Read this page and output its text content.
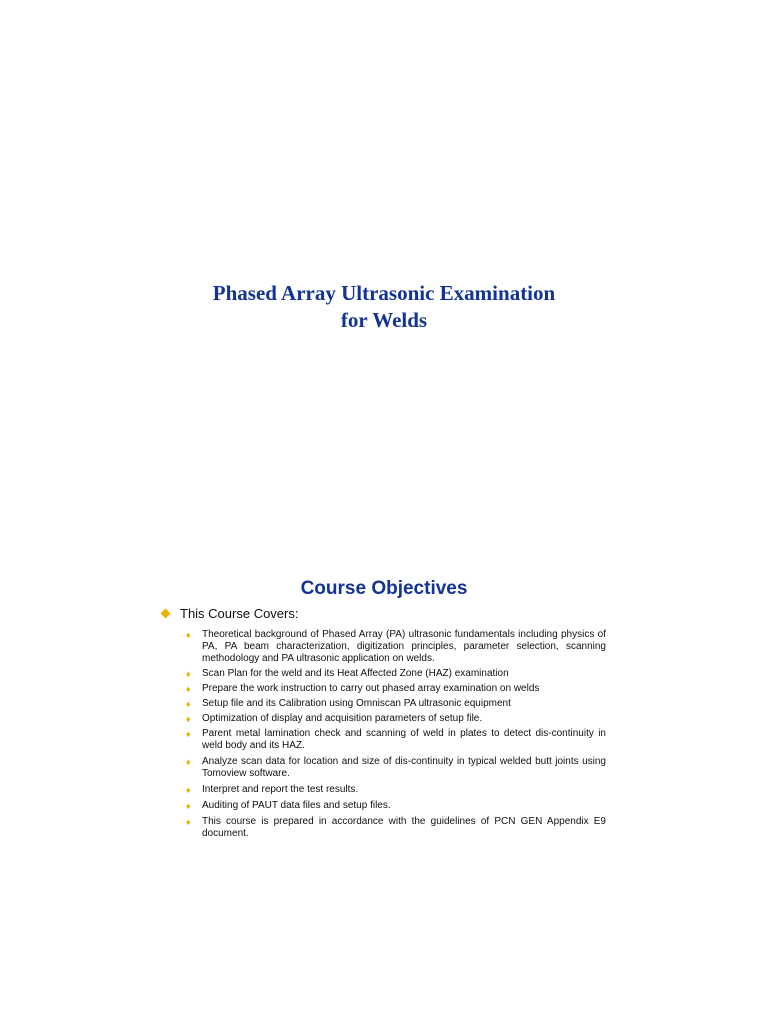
Phased Array Ultrasonic Examination
for Welds
Course Objectives
This Course Covers:
♦ Theoretical background of Phased Array (PA) ultrasonic fundamentals including physics of PA, PA beam characterization, digitization principles, parameter selection, scanning methodology and PA ultrasonic application on welds.
♦ Scan Plan for the weld and its Heat Affected Zone (HAZ) examination
♦ Prepare the work instruction to carry out phased array examination on welds
♦ Setup file and its Calibration using Omniscan PA ultrasonic equipment
♦ Optimization of display and acquisition parameters of setup file.
♦ Parent metal lamination check and scanning of weld in plates to detect dis-continuity in weld body and its HAZ.
♦ Analyze scan data for location and size of dis-continuity in typical welded butt joints using Tomoview software.
♦ Interpret and report the test results.
♦ Auditing of PAUT data files and setup files.
♦ This course is prepared in accordance with the guidelines of PCN GEN Appendix E9 document.
